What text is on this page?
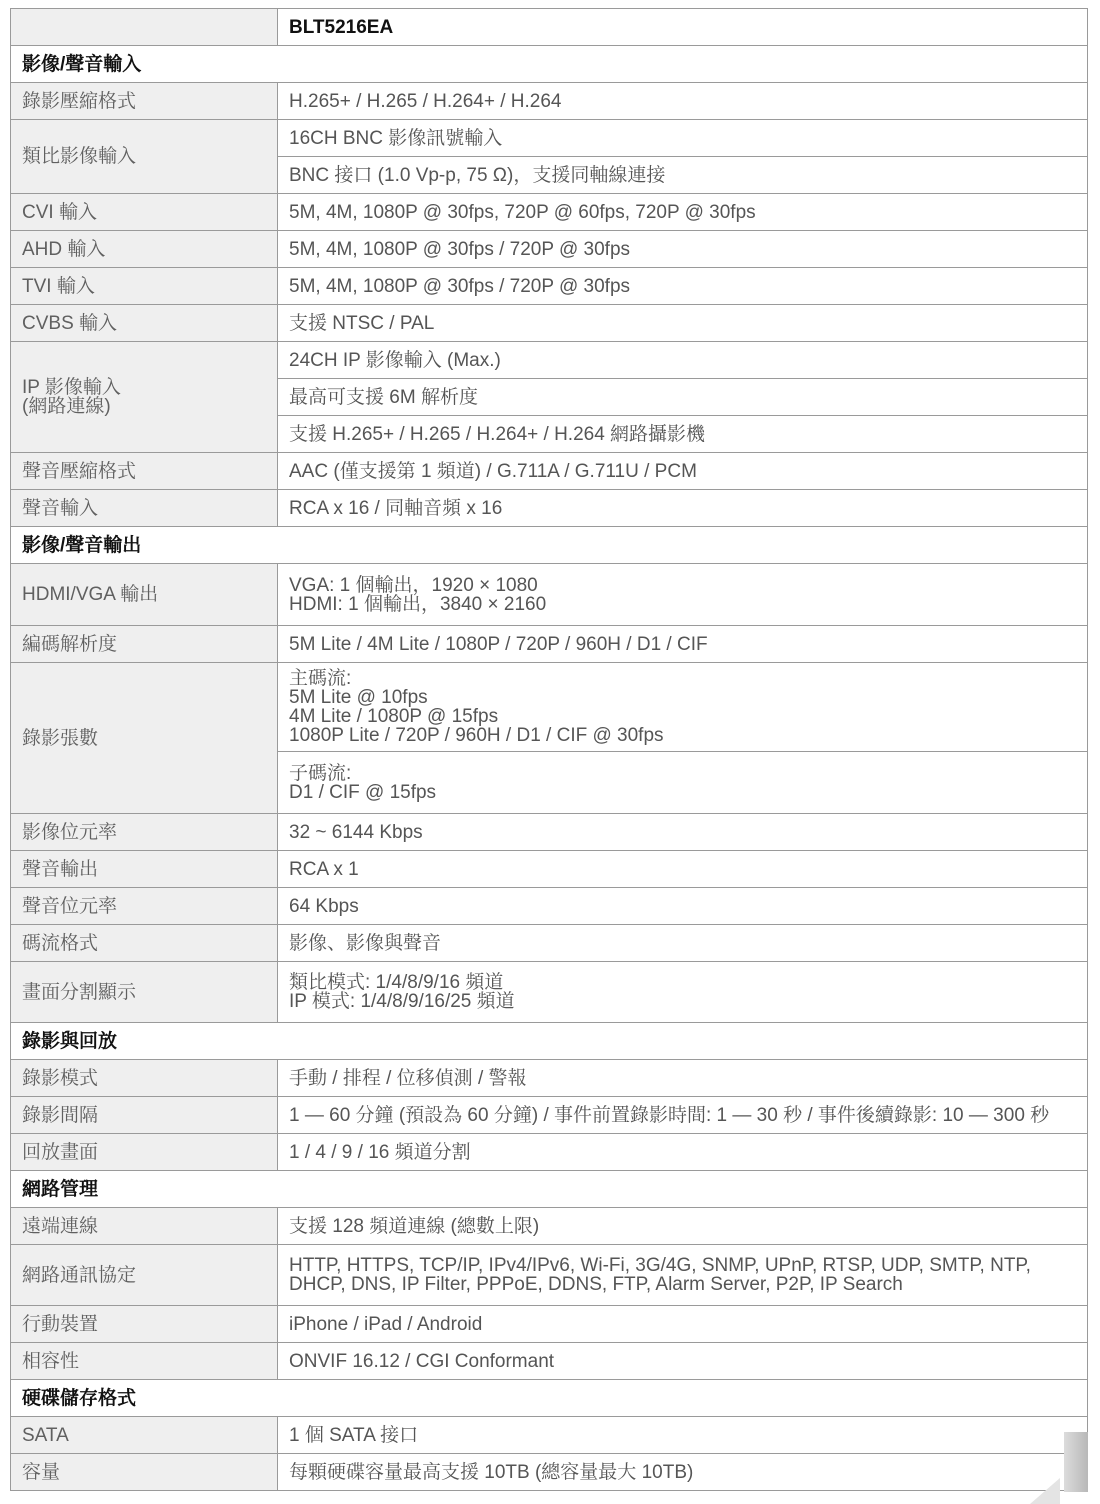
	BLT5216EA
影像/聲音輸入	
錄影壓縮格式	H.265+ / H.265 / H.264+ / H.264
類比影像輸入	16CH BNC 影像訊號輸入
	BNC 接口 (1.0 Vp-p, 75 Ω)，支援同軸線連接
CVI 輸入	5M, 4M, 1080P @ 30fps, 720P @ 60fps, 720P @ 30fps
AHD 輸入	5M, 4M, 1080P @ 30fps / 720P @ 30fps
TVI 輸入	5M, 4M, 1080P @ 30fps / 720P @ 30fps
CVBS 輸入	支援 NTSC / PAL
IP 影像輸入
(網路連線)	24CH IP 影像輸入 (Max.)
	最高可支援 6M 解析度
	支援 H.265+ / H.265 / H.264+ / H.264 網路攝影機
聲音壓縮格式	AAC (僅支援第 1 頻道) / G.711A / G.711U / PCM
聲音輸入	RCA x 16 / 同軸音頻 x 16
影像/聲音輸出	
HDMI/VGA 輸出	VGA: 1 個輸出，1920 × 1080
HDMI: 1 個輸出，3840 × 2160
編碼解析度	5M Lite / 4M Lite / 1080P / 720P / 960H / D1 / CIF
錄影張數	主碼流:
5M Lite @ 10fps
4M Lite / 1080P @ 15fps
1080P Lite / 720P / 960H / D1 / CIF @ 30fps
	子碼流:
D1 / CIF @ 15fps
影像位元率	32 ~ 6144 Kbps
聲音輸出	RCA x 1
聲音位元率	64 Kbps
碼流格式	影像、影像與聲音
畫面分割顯示	類比模式: 1/4/8/9/16 頻道
IP 模式: 1/4/8/9/16/25 頻道
錄影與回放	
錄影模式	手動 / 排程 / 位移偵測 / 警報
錄影間隔	1 — 60 分鐘 (預設為 60 分鐘) / 事件前置錄影時間: 1 — 30 秒 / 事件後續錄影: 10 — 300 秒
回放畫面	1 / 4 / 9 / 16 頻道分割
網路管理	
遠端連線	支援 128 頻道連線 (總數上限)
網路通訊協定	HTTP, HTTPS, TCP/IP, IPv4/IPv6, Wi-Fi, 3G/4G, SNMP, UPnP, RTSP, UDP, SMTP, NTP,
DHCP, DNS, IP Filter, PPPoE, DDNS, FTP, Alarm Server, P2P, IP Search
行動裝置	iPhone / iPad / Android
相容性	ONVIF 16.12 / CGI Conformant
硬碟儲存格式	
SATA	1 個 SATA 接口
容量	每顆硬碟容量最高支援 10TB (總容量最大 10TB)
